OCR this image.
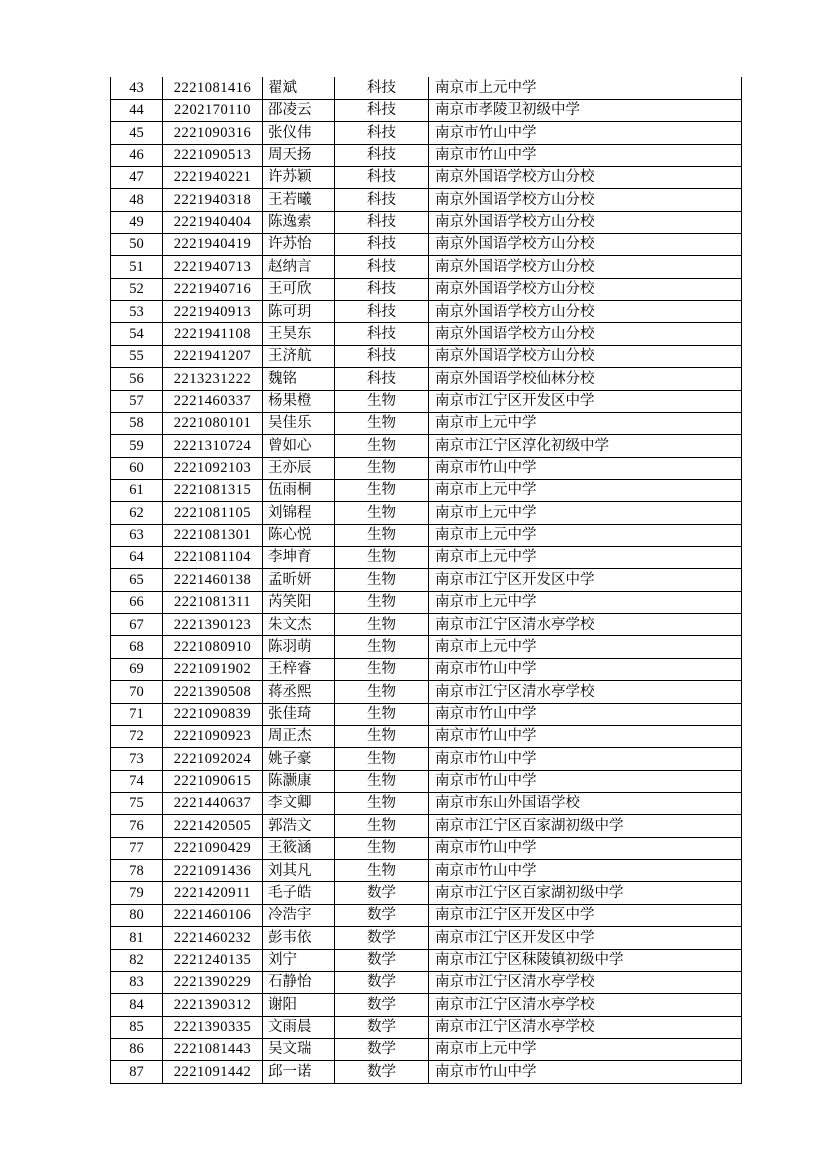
43	2221081416	翟斌	科技	南京市上元中学
44	2202170110	邵凌云	科技	南京市孝陵卫初级中学
45	2221090316	张仪伟	科技	南京市竹山中学
46	2221090513	周天扬	科技	南京市竹山中学
47	2221940221	许苏颖	科技	南京外国语学校方山分校
48	2221940318	王若曦	科技	南京外国语学校方山分校
49	2221940404	陈逸索	科技	南京外国语学校方山分校
50	2221940419	许苏怡	科技	南京外国语学校方山分校
51	2221940713	赵纳言	科技	南京外国语学校方山分校
52	2221940716	王可欣	科技	南京外国语学校方山分校
53	2221940913	陈可玥	科技	南京外国语学校方山分校
54	2221941108	王昊东	科技	南京外国语学校方山分校
55	2221941207	王济航	科技	南京外国语学校方山分校
56	2213231222	魏铭	科技	南京外国语学校仙林分校
57	2221460337	杨果橙	生物	南京市江宁区开发区中学
58	2221080101	吴佳乐	生物	南京市上元中学
59	2221310724	曾如心	生物	南京市江宁区淳化初级中学
60	2221092103	王亦辰	生物	南京市竹山中学
61	2221081315	伍雨桐	生物	南京市上元中学
62	2221081105	刘锦程	生物	南京市上元中学
63	2221081301	陈心悦	生物	南京市上元中学
64	2221081104	李坤育	生物	南京市上元中学
65	2221460138	孟昕妍	生物	南京市江宁区开发区中学
66	2221081311	芮笑阳	生物	南京市上元中学
67	2221390123	朱文杰	生物	南京市江宁区清水亭学校
68	2221080910	陈羽萌	生物	南京市上元中学
69	2221091902	王梓睿	生物	南京市竹山中学
70	2221390508	蒋丞熙	生物	南京市江宁区清水亭学校
71	2221090839	张佳琦	生物	南京市竹山中学
72	2221090923	周正杰	生物	南京市竹山中学
73	2221092024	姚子豪	生物	南京市竹山中学
74	2221090615	陈灏康	生物	南京市竹山中学
75	2221440637	李文卿	生物	南京市东山外国语学校
76	2221420505	郭浩文	生物	南京市江宁区百家湖初级中学
77	2221090429	王筱涵	生物	南京市竹山中学
78	2221091436	刘其凡	生物	南京市竹山中学
79	2221420911	毛子皓	数学	南京市江宁区百家湖初级中学
80	2221460106	冷浩宇	数学	南京市江宁区开发区中学
81	2221460232	彭韦依	数学	南京市江宁区开发区中学
82	2221240135	刘宁	数学	南京市江宁区秣陵镇初级中学
83	2221390229	石静怡	数学	南京市江宁区清水亭学校
84	2221390312	谢阳	数学	南京市江宁区清水亭学校
85	2221390335	文雨晨	数学	南京市江宁区清水亭学校
86	2221081443	吴文瑞	数学	南京市上元中学
87	2221091442	邱一诺	数学	南京市竹山中学
